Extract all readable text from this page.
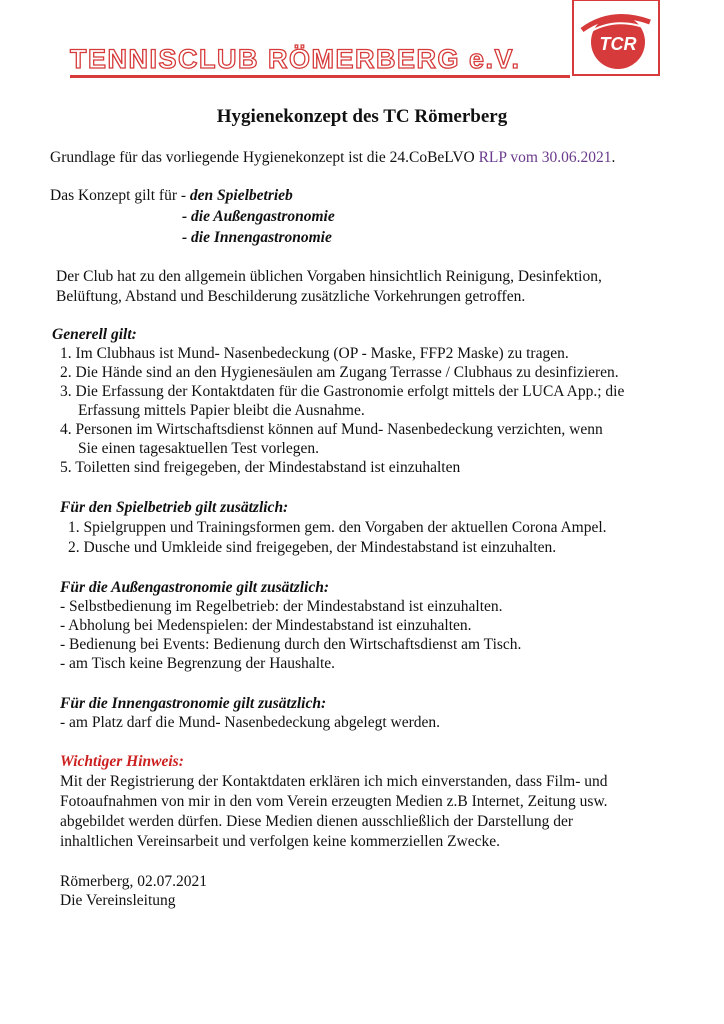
TENNISCLUB RÖMERBERG e.V.	TCR
Hygienekonzept des TC Römerberg
Grundlage für das vorliegende Hygienekonzept ist die 24.CoBeLVO RLP vom 30.06.2021.
Das Konzept gilt für - den Spielbetrieb
- die Außengastronomie
- die Innengastronomie
Der Club hat zu den allgemein üblichen Vorgaben hinsichtlich Reinigung, Desinfektion,
Belüftung, Abstand und Beschilderung zusätzliche Vorkehrungen getroffen.
Generell gilt:
1. Im Clubhaus ist Mund- Nasenbedeckung (OP - Maske, FFP2 Maske) zu tragen.
2. Die Hände sind an den Hygienesäulen am Zugang Terrasse / Clubhaus zu desinfizieren.
3. Die Erfassung der Kontaktdaten für die Gastronomie erfolgt mittels der LUCA App.; die
Erfassung mittels Papier bleibt die Ausnahme.
4. Personen im Wirtschaftsdienst können auf Mund- Nasenbedeckung verzichten, wenn
Sie einen tagesaktuellen Test vorlegen.
5. Toiletten sind freigegeben, der Mindestabstand ist einzuhalten
Für den Spielbetrieb gilt zusätzlich:
1. Spielgruppen und Trainingsformen gem. den Vorgaben der aktuellen Corona Ampel.
2. Dusche und Umkleide sind freigegeben, der Mindestabstand ist einzuhalten.
Für die Außengastronomie gilt zusätzlich:
- Selbstbedienung im Regelbetrieb: der Mindestabstand ist einzuhalten.
- Abholung bei Medenspielen: der Mindestabstand ist einzuhalten.
- Bedienung bei Events: Bedienung durch den Wirtschaftsdienst am Tisch.
- am Tisch keine Begrenzung der Haushalte.
Für die Innengastronomie gilt zusätzlich:
- am Platz darf die Mund- Nasenbedeckung abgelegt werden.
Wichtiger Hinweis:
Mit der Registrierung der Kontaktdaten erklären ich mich einverstanden, dass Film- und
Fotoaufnahmen von mir in den vom Verein erzeugten Medien z.B Internet, Zeitung usw.
abgebildet werden dürfen. Diese Medien dienen ausschließlich der Darstellung der
inhaltlichen Vereinsarbeit und verfolgen keine kommerziellen Zwecke.
Römerberg, 02.07.2021
Die Vereinsleitung
